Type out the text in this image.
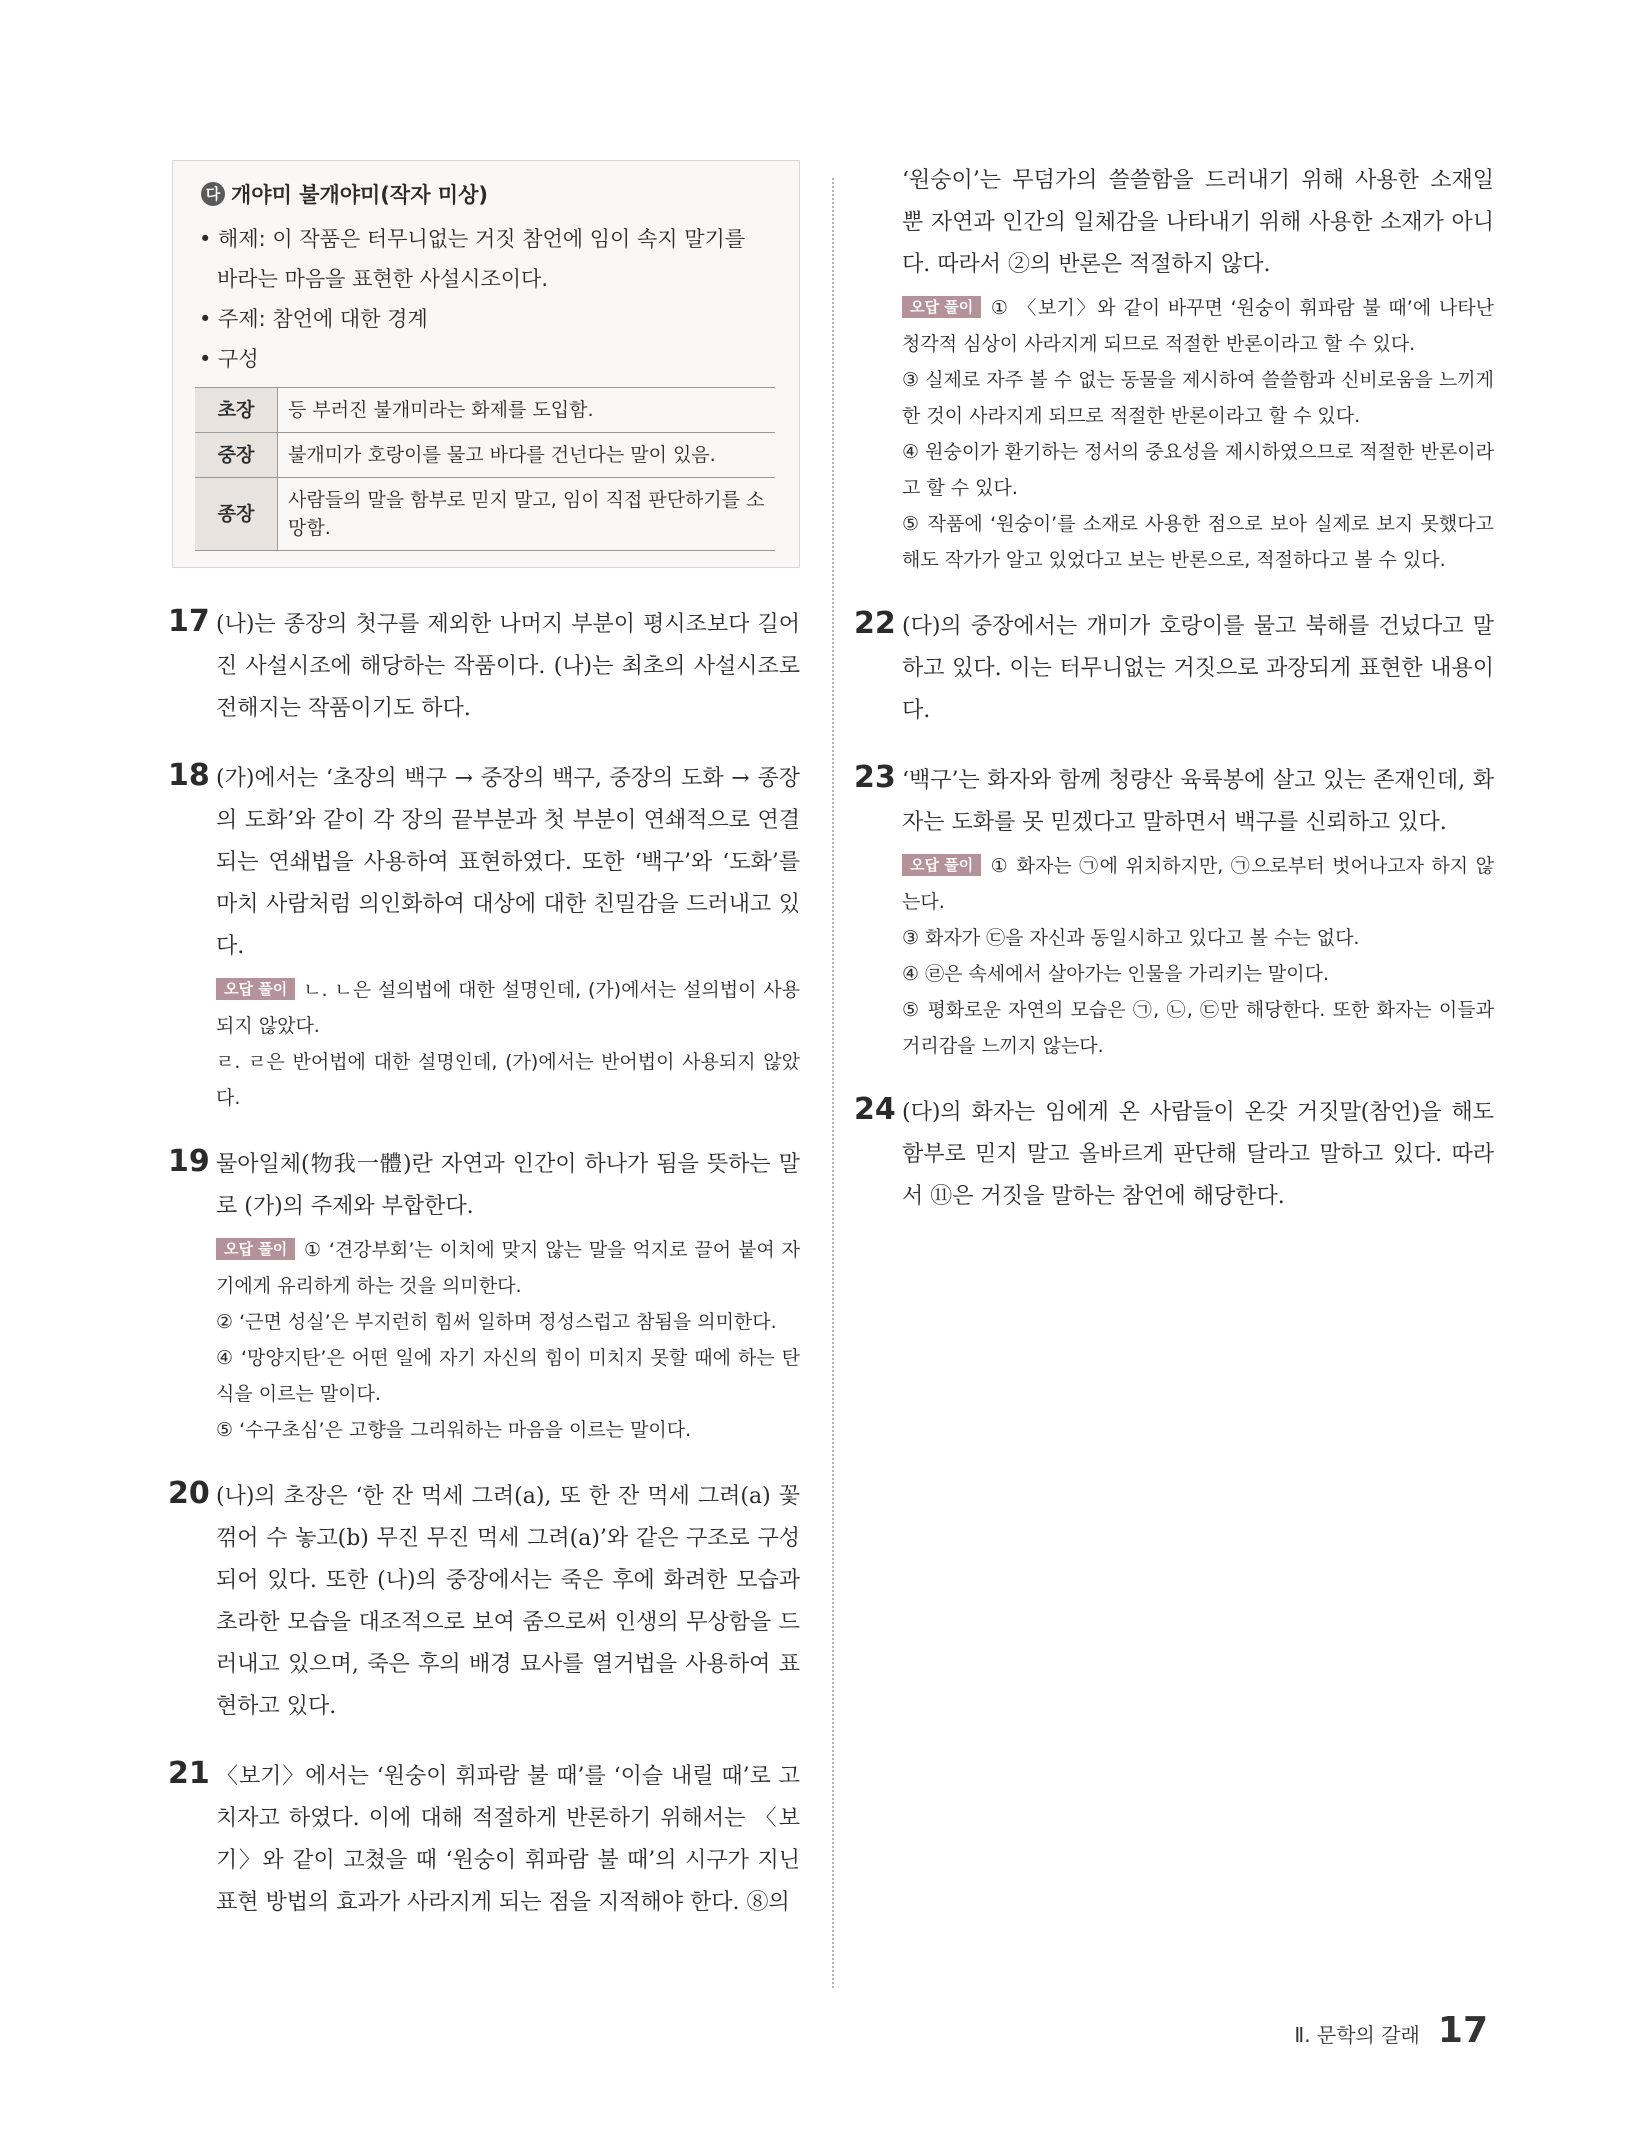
다 개야미 불개야미(작자 미상)
• 해제: 이 작품은 터무니없는 거짓 참언에 임이 속지 말기를
바라는 마음을 표현한 사설시조이다.
• 주제: 참언에 대한 경계
• 구성
초장	등 부러진 불개미라는 화제를 도입함.
중장	불개미가 호랑이를 물고 바다를 건넌다는 말이 있음.
종장	사람들의 말을 함부로 믿지 말고, 임이 직접 판단하기를 소망함.
17 (나)는 종장의 첫구를 제외한 나머지 부분이 평시조보다 길어진 사설시조에 해당하는 작품이다. (나)는 최초의 사설시조로 전해지는 작품이기도 하다.
18 (가)에서는 ‘초장의 백구 → 중장의 백구, 중장의 도화 → 종장의 도화’와 같이 각 장의 끝부분과 첫 부분이 연쇄적으로 연결되는 연쇄법을 사용하여 표현하였다. 또한 ‘백구’와 ‘도화’를 마치 사람처럼 의인화하여 대상에 대한 친밀감을 드러내고 있다.
오답 풀이 ㄴ. ㄴ은 설의법에 대한 설명인데, (가)에서는 설의법이 사용되지 않았다.
ㄹ. ㄹ은 반어법에 대한 설명인데, (가)에서는 반어법이 사용되지 않았다.
19 물아일체(物我一體)란 자연과 인간이 하나가 됨을 뜻하는 말로 (가)의 주제와 부합한다.
오답 풀이 ① ‘견강부회’는 이치에 맞지 않는 말을 억지로 끌어 붙여 자기에게 유리하게 하는 것을 의미한다.
② ‘근면 성실’은 부지런히 힘써 일하며 정성스럽고 참됨을 의미한다.
④ ‘망양지탄’은 어떤 일에 자기 자신의 힘이 미치지 못할 때에 하는 탄식을 이르는 말이다.
⑤ ‘수구초심’은 고향을 그리워하는 마음을 이르는 말이다.
20 (나)의 초장은 ‘한 잔 먹세 그려(a), 또 한 잔 먹세 그려(a) 꽃 꺾어 수 놓고(b) 무진 무진 먹세 그려(a)’와 같은 구조로 구성되어 있다. 또한 (나)의 중장에서는 죽은 후에 화려한 모습과 초라한 모습을 대조적으로 보여 줌으로써 인생의 무상함을 드러내고 있으며, 죽은 후의 배경 묘사를 열거법을 사용하여 표현하고 있다.
21 〈보기〉에서는 ‘원숭이 휘파람 불 때’를 ‘이슬 내릴 때’로 고치자고 하였다. 이에 대해 적절하게 반론하기 위해서는 〈보기〉와 같이 고쳤을 때 ‘원숭이 휘파람 불 때’의 시구가 지닌 표현 방법의 효과가 사라지게 되는 점을 지적해야 한다. ⑧의
‘원숭이’는 무덤가의 쓸쓸함을 드러내기 위해 사용한 소재일 뿐 자연과 인간의 일체감을 나타내기 위해 사용한 소재가 아니다. 따라서 ②의 반론은 적절하지 않다.
오답 풀이 ① 〈보기〉와 같이 바꾸면 ‘원숭이 휘파람 불 때’에 나타난 청각적 심상이 사라지게 되므로 적절한 반론이라고 할 수 있다.
③ 실제로 자주 볼 수 없는 동물을 제시하여 쓸쓸함과 신비로움을 느끼게 한 것이 사라지게 되므로 적절한 반론이라고 할 수 있다.
④ 원숭이가 환기하는 정서의 중요성을 제시하였으므로 적절한 반론이라고 할 수 있다.
⑤ 작품에 ‘원숭이’를 소재로 사용한 점으로 보아 실제로 보지 못했다고 해도 작가가 알고 있었다고 보는 반론으로, 적절하다고 볼 수 있다.
22 (다)의 중장에서는 개미가 호랑이를 물고 북해를 건넜다고 말하고 있다. 이는 터무니없는 거짓으로 과장되게 표현한 내용이다.
23 ‘백구’는 화자와 함께 청량산 육륙봉에 살고 있는 존재인데, 화자는 도화를 못 믿겠다고 말하면서 백구를 신뢰하고 있다.
오답 풀이 ① 화자는 ㉠에 위치하지만, ㉠으로부터 벗어나고자 하지 않는다.
③ 화자가 ㉢을 자신과 동일시하고 있다고 볼 수는 없다.
④ ㉣은 속세에서 살아가는 인물을 가리키는 말이다.
⑤ 평화로운 자연의 모습은 ㉠, ㉡, ㉢만 해당한다. 또한 화자는 이들과 거리감을 느끼지 않는다.
24 (다)의 화자는 임에게 온 사람들이 온갖 거짓말(참언)을 해도 함부로 믿지 말고 올바르게 판단해 달라고 말하고 있다. 따라서 ⑪은 거짓을 말하는 참언에 해당한다.
Ⅱ. 문학의 갈래 17
